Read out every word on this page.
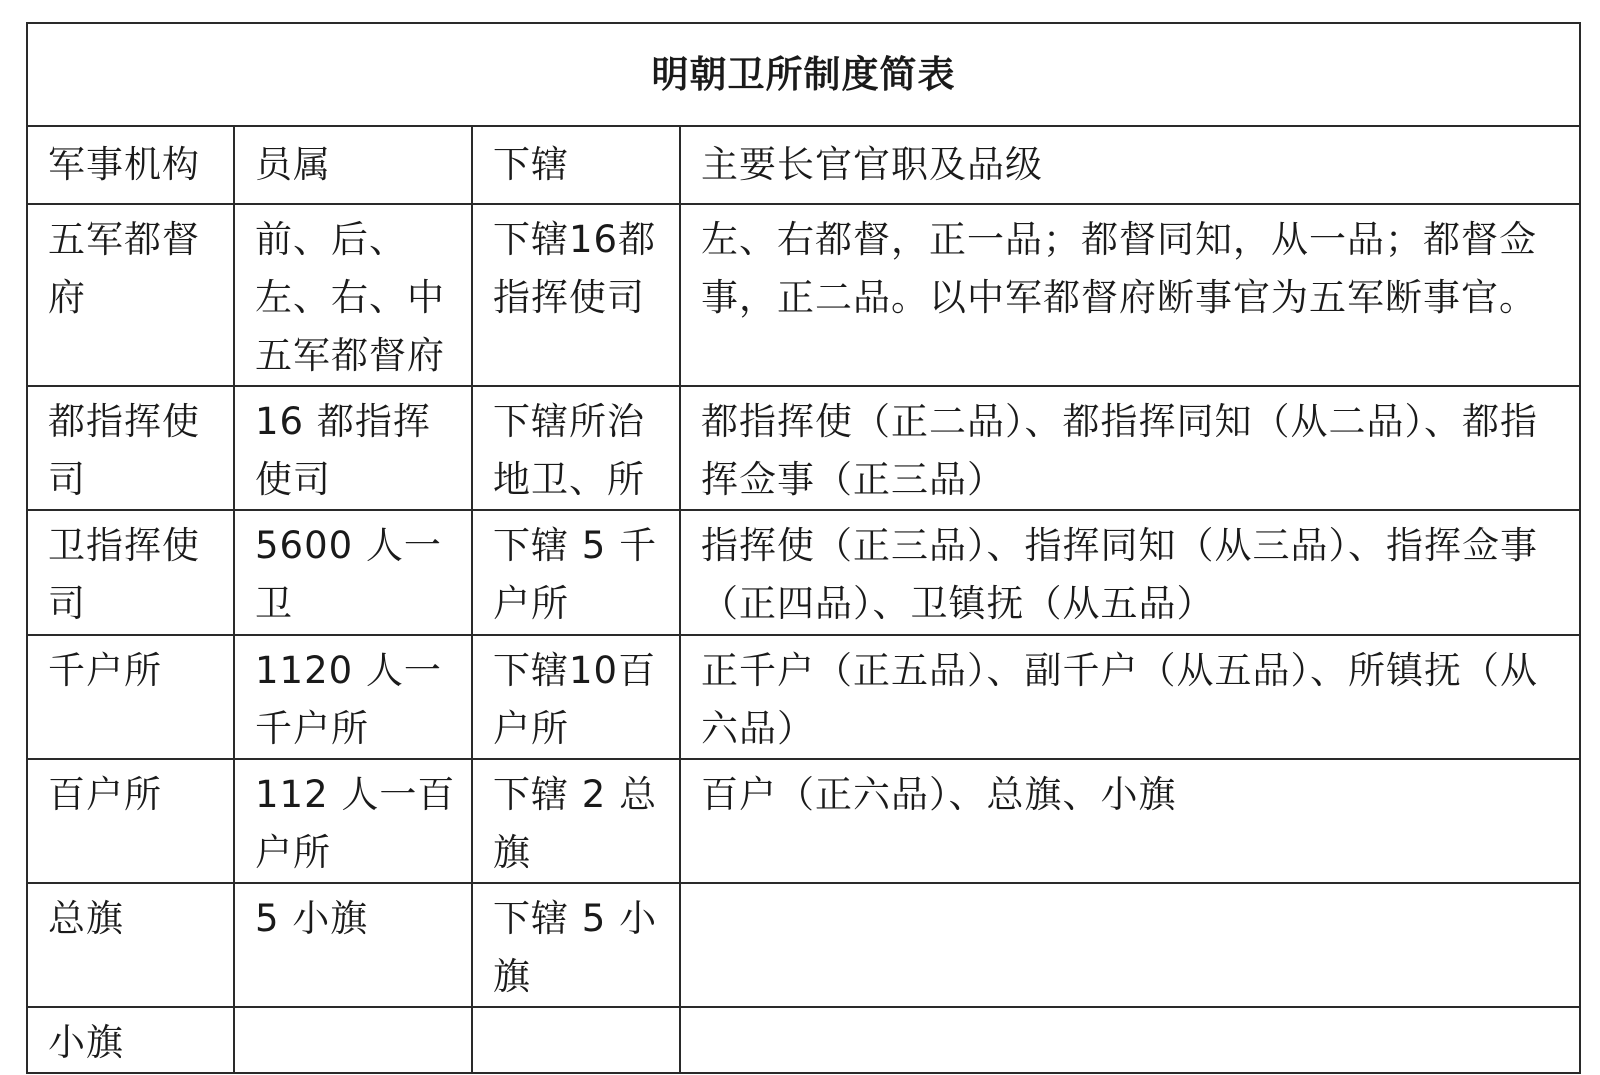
明朝卫所制度简表			
军事机构	员属	下辖	主要长官官职及品级
五军都督府	前、后、左、右、中五军都督府	下辖16都指挥使司	左、右都督，正一品；都督同知，从一品；都督佥事，正二品。以中军都督府断事官为五军断事官。
都指挥使司	16 都指挥使司	下辖所治地卫、所	都指挥使（正二品）、都指挥同知（从二品）、都指挥佥事（正三品）
卫指挥使司	5600 人一卫	下辖 5 千户所	指挥使（正三品）、指挥同知（从三品）、指挥佥事（正四品）、卫镇抚（从五品）
千户所	1120 人一千户所	下辖10百户所	正千户（正五品）、副千户（从五品）、所镇抚（从六品）
百户所	112 人一百户所	下辖 2 总旗	百户（正六品）、总旗、小旗
总旗	5 小旗	下辖 5 小旗	
小旗			
